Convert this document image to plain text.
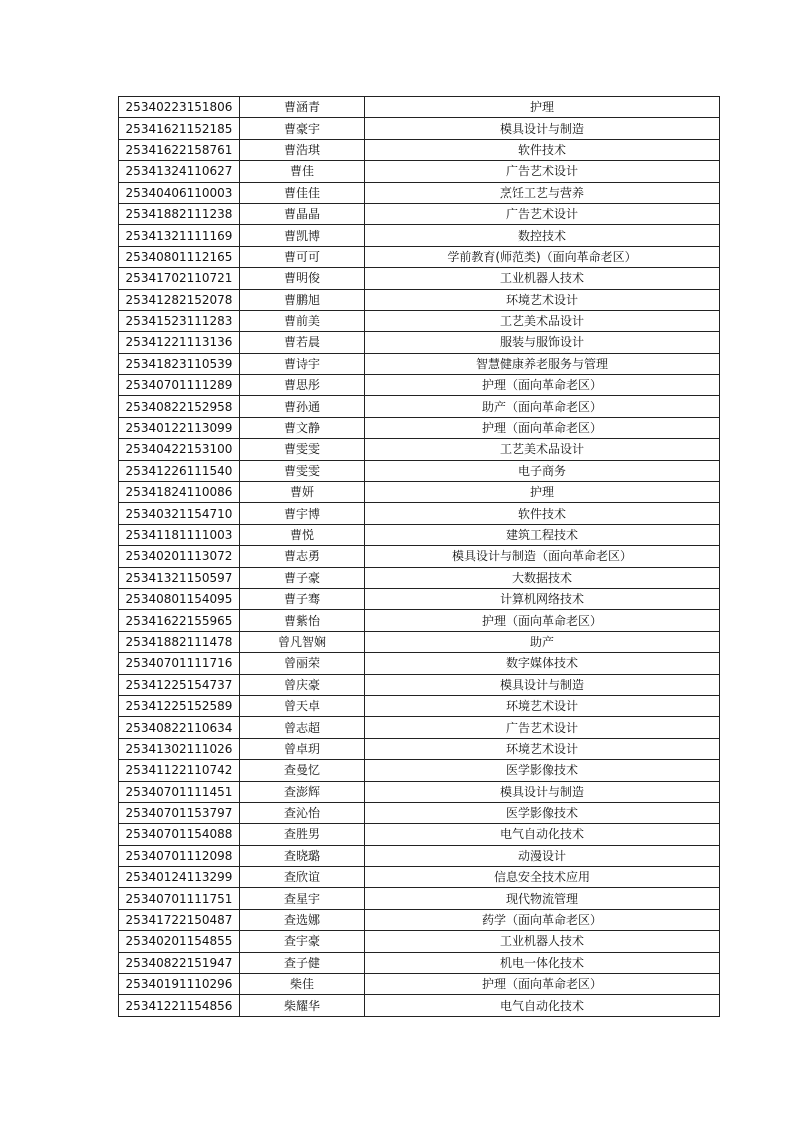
25340223151806	曹涵青	护理
25341621152185	曹豪宇	模具设计与制造
25341622158761	曹浩琪	软件技术
25341324110627	曹佳	广告艺术设计
25340406110003	曹佳佳	烹饪工艺与营养
25341882111238	曹晶晶	广告艺术设计
25341321111169	曹凯博	数控技术
25340801112165	曹可可	学前教育(师范类)（面向革命老区）
25341702110721	曹明俊	工业机器人技术
25341282152078	曹鹏旭	环境艺术设计
25341523111283	曹前美	工艺美术品设计
25341221113136	曹若晨	服装与服饰设计
25341823110539	曹诗宇	智慧健康养老服务与管理
25340701111289	曹思彤	护理（面向革命老区）
25340822152958	曹孙通	助产（面向革命老区）
25340122113099	曹文静	护理（面向革命老区）
25340422153100	曹雯雯	工艺美术品设计
25341226111540	曹雯雯	电子商务
25341824110086	曹妍	护理
25340321154710	曹宇博	软件技术
25341181111003	曹悦	建筑工程技术
25340201113072	曹志勇	模具设计与制造（面向革命老区）
25341321150597	曹子豪	大数据技术
25340801154095	曹子骞	计算机网络技术
25341622155965	曹紫怡	护理（面向革命老区）
25341882111478	曾凡智娴	助产
25340701111716	曾丽荣	数字媒体技术
25341225154737	曾庆豪	模具设计与制造
25341225152589	曾天卓	环境艺术设计
25340822110634	曾志超	广告艺术设计
25341302111026	曾卓玥	环境艺术设计
25341122110742	查曼忆	医学影像技术
25340701111451	查澎辉	模具设计与制造
25340701153797	查沁怡	医学影像技术
25340701154088	查胜男	电气自动化技术
25340701112098	查晓璐	动漫设计
25340124113299	查欣谊	信息安全技术应用
25340701111751	查星宇	现代物流管理
25341722150487	查选娜	药学（面向革命老区）
25340201154855	查宇豪	工业机器人技术
25340822151947	查子健	机电一体化技术
25340191110296	柴佳	护理（面向革命老区）
25341221154856	柴耀华	电气自动化技术
